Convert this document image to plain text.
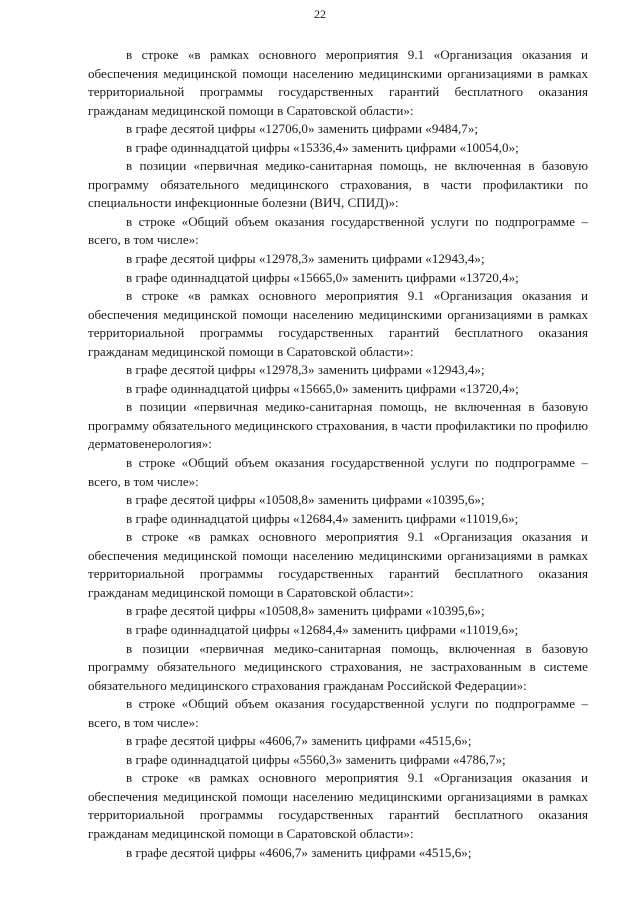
22

в строке «в рамках основного мероприятия 9.1 «Организация оказания и обеспечения медицинской помощи населению медицинскими организациями в рамках территориальной программы государственных гарантий бесплатного оказания гражданам медицинской помощи в Саратовской области»:

в графе десятой цифры «12706,0» заменить цифрами «9484,7»;

в графе одиннадцатой цифры «15336,4» заменить цифрами «10054,0»;

в позиции «первичная медико-санитарная помощь, не включенная в базовую программу обязательного медицинского страхования, в части профилактики по специальности инфекционные болезни (ВИЧ, СПИД)»:

в строке «Общий объем оказания государственной услуги по подпрограмме – всего, в том числе»:

в графе десятой цифры «12978,3» заменить цифрами «12943,4»;

в графе одиннадцатой цифры «15665,0» заменить цифрами «13720,4»;

в строке «в рамках основного мероприятия 9.1 «Организация оказания и обеспечения медицинской помощи населению медицинскими организациями в рамках территориальной программы государственных гарантий бесплатного оказания гражданам медицинской помощи в Саратовской области»:

в графе десятой цифры «12978,3» заменить цифрами «12943,4»;

в графе одиннадцатой цифры «15665,0» заменить цифрами «13720,4»;

в позиции «первичная медико-санитарная помощь, не включенная в базовую программу обязательного медицинского страхования, в части профилактики по профилю дерматовенерология»:

в строке «Общий объем оказания государственной услуги по подпрограмме – всего, в том числе»:

в графе десятой цифры «10508,8» заменить цифрами «10395,6»;

в графе одиннадцатой цифры «12684,4» заменить цифрами «11019,6»;

в строке «в рамках основного мероприятия 9.1 «Организация оказания и обеспечения медицинской помощи населению медицинскими организациями в рамках территориальной программы государственных гарантий бесплатного оказания гражданам медицинской помощи в Саратовской области»:

в графе десятой цифры «10508,8» заменить цифрами «10395,6»;

в графе одиннадцатой цифры «12684,4» заменить цифрами «11019,6»;

в позиции «первичная медико-санитарная помощь, включенная в базовую программу обязательного медицинского страхования, не застрахованным в системе обязательного медицинского страхования гражданам Российской Федерации»:

в строке «Общий объем оказания государственной услуги по подпрограмме – всего, в том числе»:

в графе десятой цифры «4606,7» заменить цифрами «4515,6»;

в графе одиннадцатой цифры «5560,3» заменить цифрами «4786,7»;

в строке «в рамках основного мероприятия 9.1 «Организация оказания и обеспечения медицинской помощи населению медицинскими организациями в рамках территориальной программы государственных гарантий бесплатного оказания гражданам медицинской помощи в Саратовской области»:

в графе десятой цифры «4606,7» заменить цифрами «4515,6»;
